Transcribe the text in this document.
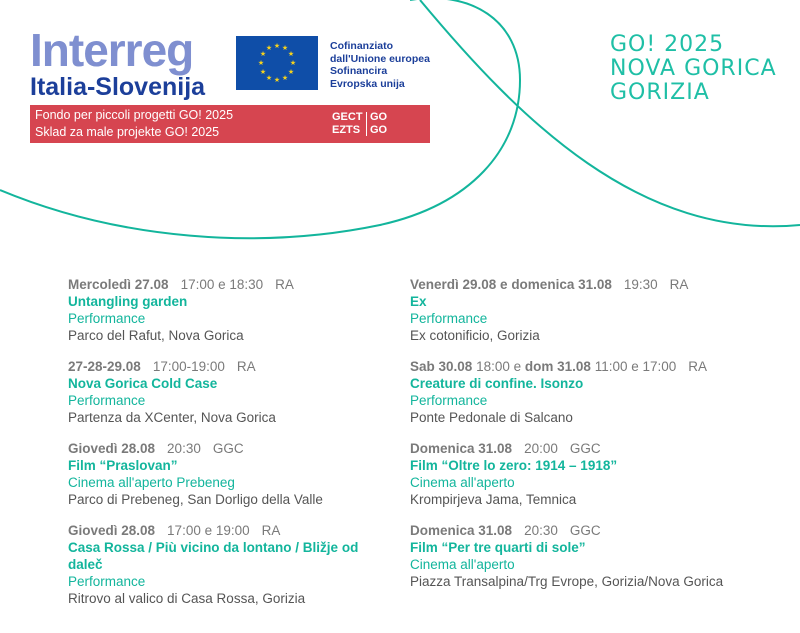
Interreg
Italia-Slovenija
★ ★
★
★
★
★
★
★
★
★
★
★	Cofinanziato
dall'Unione europea
Sofinancira
Evropska unija
Fondo per piccoli progetti GO! 2025
Sklad za male projekte GO! 2025
GECT
EZTS
GO
GO
GO! 2025
NOVA GORICA
GORIZIA
Mercoledì 27.08 17:00 e 18:30 RA
Untangling garden
Performance
Parco del Rafut, Nova Gorica
27-28-29.08 17:00-19:00 RA
Nova Gorica Cold Case
Performance
Partenza da XCenter, Nova Gorica
Giovedì 28.08 20:30 GGC
Film “Praslovan”
Cinema all'aperto Prebeneg
Parco di Prebeneg, San Dorligo della Valle
Giovedì 28.08 17:00 e 19:00 RA
Casa Rossa / Più vicino da lontano / Bližje od daleč
Performance
Ritrovo al valico di Casa Rossa, Gorizia
Venerdì 29.08 e domenica 31.08 19:30 RA
Ex
Performance
Ex cotonificio, Gorizia
Sab 30.08 18:00 e dom 31.08 11:00 e 17:00 RA
Creature di confine. Isonzo
Performance
Ponte Pedonale di Salcano
Domenica 31.08 20:00 GGC
Film “Oltre lo zero: 1914 – 1918”
Cinema all'aperto
Krompirjeva Jama, Temnica
Domenica 31.08 20:30 GGC
Film “Per tre quarti di sole”
Cinema all'aperto
Piazza Transalpina/Trg Evrope, Gorizia/Nova Gorica
